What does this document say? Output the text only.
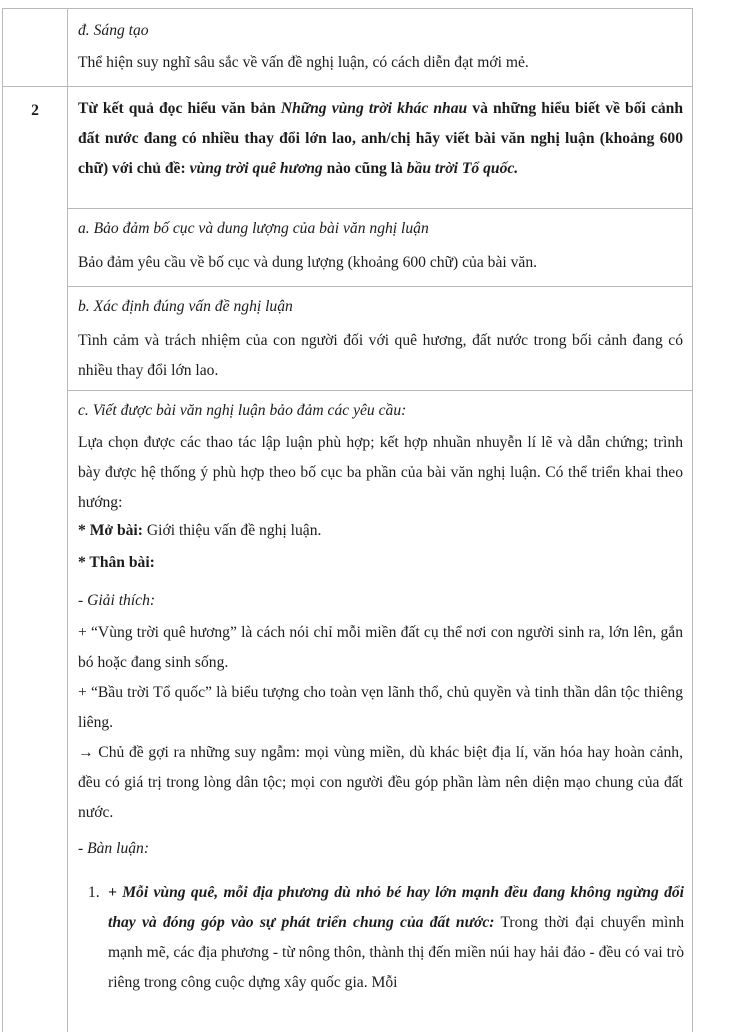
đ. Sáng tạo

Thể hiện suy nghĩ sâu sắc về vấn đề nghị luận, có cách diễn đạt mới mẻ.

2	Từ kết quả đọc hiểu văn bản Những vùng trời khác nhau và những hiểu biết về bối cảnh đất nước đang có nhiều thay đổi lớn lao, anh/chị hãy viết bài văn nghị luận (khoảng 600 chữ) với chủ đề: vùng trời quê hương nào cũng là bầu trời Tổ quốc.

a. Bảo đảm bố cục và dung lượng của bài văn nghị luận

Bảo đảm yêu cầu về bố cục và dung lượng (khoảng 600 chữ) của bài văn.

b. Xác định đúng vấn đề nghị luận

Tình cảm và trách nhiệm của con người đối với quê hương, đất nước trong bối cảnh đang có nhiều thay đổi lớn lao.

c. Viết được bài văn nghị luận bảo đảm các yêu cầu:

Lựa chọn được các thao tác lập luận phù hợp; kết hợp nhuần nhuyễn lí lẽ và dẫn chứng; trình bày được hệ thống ý phù hợp theo bố cục ba phần của bài văn nghị luận. Có thể triển khai theo hướng:

* Mở bài: Giới thiệu vấn đề nghị luận.

* Thân bài:

- Giải thích:

+ “Vùng trời quê hương” là cách nói chỉ mỗi miền đất cụ thể nơi con người sinh ra, lớn lên, gắn bó hoặc đang sinh sống.

+ “Bầu trời Tổ quốc” là biểu tượng cho toàn vẹn lãnh thổ, chủ quyền và tinh thần dân tộc thiêng liêng.

→ Chủ đề gợi ra những suy ngẫm: mọi vùng miền, dù khác biệt địa lí, văn hóa hay hoàn cảnh, đều có giá trị trong lòng dân tộc; mọi con người đều góp phần làm nên diện mạo chung của đất nước.

- Bàn luận:

1. + Mỗi vùng quê, mỗi địa phương dù nhỏ bé hay lớn mạnh đều đang không ngừng đổi thay và đóng góp vào sự phát triển chung của đất nước: Trong thời đại chuyển mình mạnh mẽ, các địa phương - từ nông thôn, thành thị đến miền núi hay hải đảo - đều có vai trò riêng trong công cuộc dựng xây quốc gia. Mỗi
